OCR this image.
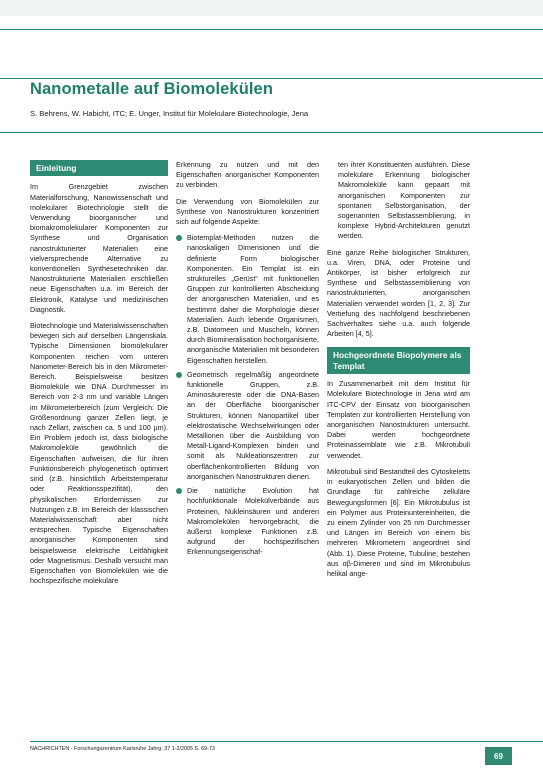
Nanometalle auf Biomolekülen
S. Behrens, W. Habicht, ITC; E. Unger, Institut für Molekulare Biotechnologie, Jena
Einleitung

Im Grenzgebiet zwischen Materialforschung, Nanowissenschaft und molekularer Biotechnologie stellt die Verwendung bioorganischer und biomakromolekularer Komponenten zur Synthese und Organisation nanostrukturierter Materialien eine vielversprechende Alternative zu konventionellen Synthesetechniken dar. Nanostrukturierte Materialien erschließen neue Eigenschaften u.a. im Bereich der Elektronik, Katalyse und medizinischen Diagnostik.

Biotechnologie und Materialwissenschaften bewegen sich auf derselben Längenskala. Typische Dimensionen biomolekularer Komponenten reichen vom unteren Nanometer-Bereich bis in den Mikrometer-Bereich. Beispielsweise besitzen Biomoleküle wie DNA Durchmesser im Bereich von 2-3 nm und variable Längen im Mikrometerbereich (zum Vergleich: Die Größenordnung ganzer Zellen liegt, je nach Zellart, zwischen ca. 5 und 100 µm). Ein Problem jedoch ist, dass biologische Makromoleküle gewöhnlich die Eigenschaften aufweisen, die für ihren Funktionsbereich phylogenetisch optimiert sind (z.B. hinsichtlich Arbeitstemperatur oder Reaktionsspezifität), den physikalischen Erfordernissen zur Nutzungen z.B. im Bereich der klassischen Materialwissenschaft aber nicht entsprechen. Typische Eigenschaften anorganischer Komponenten sind beispielsweise elektrische Leitfähigkeit oder Magnetismus. Deshalb versucht man Eigenschaften von Biomolekülen wie die hochspezifische molekulare

Erkennung zu nutzen und mit den Eigenschaften anorganischer Komponenten zu verbinden.

Die Verwendung von Biomolekülen zur Synthese von Nanostrukturen konzentriert sich auf folgende Aspekte:

Biotemplat-Methoden nutzen die nanoskaligen Dimensionen und die definierte Form biologischer Komponenten. Ein Templat ist ein strukturelles „Gerüst“ mit funktionellen Gruppen zur kontrollierten Abscheidung der anorganischen Materialien, und es bestimmt daher die Morphologie dieser Materialien. Auch lebende Organismen, z.B. Diatomeen und Muscheln, können durch Biomineralisation hochorganisierte, anorganische Materialien mit besonderen Eigenschaften herstellen.
Geometrisch regelmäßig angeordnete funktionelle Gruppen, z.B. Aminosäurereste oder die DNA-Basen an der Oberfläche bioorganischer Strukturen, können Nanopartikel über elektrostatische Wechselwirkungen oder Metallionen über die Ausbildung von Metall-Ligand-Komplexen binden und somit als Nukleationszentren zur oberflächenkontrollierten Bildung von anorganischen Nanostrukturen dienen.
Die natürliche Evolution hat hochfunktionale Molekülverbände aus Proteinen, Nukleinsäuren und anderen Makromolekülen hervorgebracht, die äußerst komplexe Funktionen z.B. aufgrund der hochspezifischen Erkennungseigenschaf-
ten ihrer Konstituenten ausführen. Diese molekulare Erkennung biologischer Makromoleküle kann gepaart mit anorganischen Komponenten zur spontanen Selbstorganisation, der sogenannten Selbstassemblierung, in komplexe Hybrid-Architekturen genutzt werden.

Eine ganze Reihe biologischer Strukturen, u.a. Viren, DNA, oder Proteine und Antikörper, ist bisher erfolgreich zur Synthese und Selbstassemblierung von nanostrukturierten, anorganischen Materialien verwendet worden [1, 2, 3]. Zur Vertiefung des nachfolgend beschriebenen Sachverhaltes siehe u.a. auch folgende Arbeiten [4, 5].

Hochgeordnete Biopolymere als Templat

In Zusammenarbeit mit dem Institut für Molekulare Biotechnologie in Jena wird am ITC-CPV der Einsatz von bioorganischen Templaten zur kontrollierten Herstellung von anorganischen Nanostrukturen untersucht. Dabei werden hochgeordnete Proteinassemblate wie z.B. Mikrotubuli verwendet.

Mikrotubuli sind Bestandteil des Cytoskeletts in eukaryotischen Zellen und bilden die Grundlage für zahlreiche zelluläre Bewegungsformen [6]. Ein Mikrotubulus ist ein Polymer aus Proteinuntereinheiten, die zu einem Zylinder von 25 nm Durchmesser und Längen im Bereich von einem bis mehreren Mikrometern angeordnet sind (Abb. 1). Diese Proteine, Tubuline, bestehen aus αβ-Dimeren und sind im Mikrotubulus helikal ange-

NACHRICHTEN - Forschungszentrum Karlsruhe Jahrg. 37 1-2/2005 S. 69-73
69
